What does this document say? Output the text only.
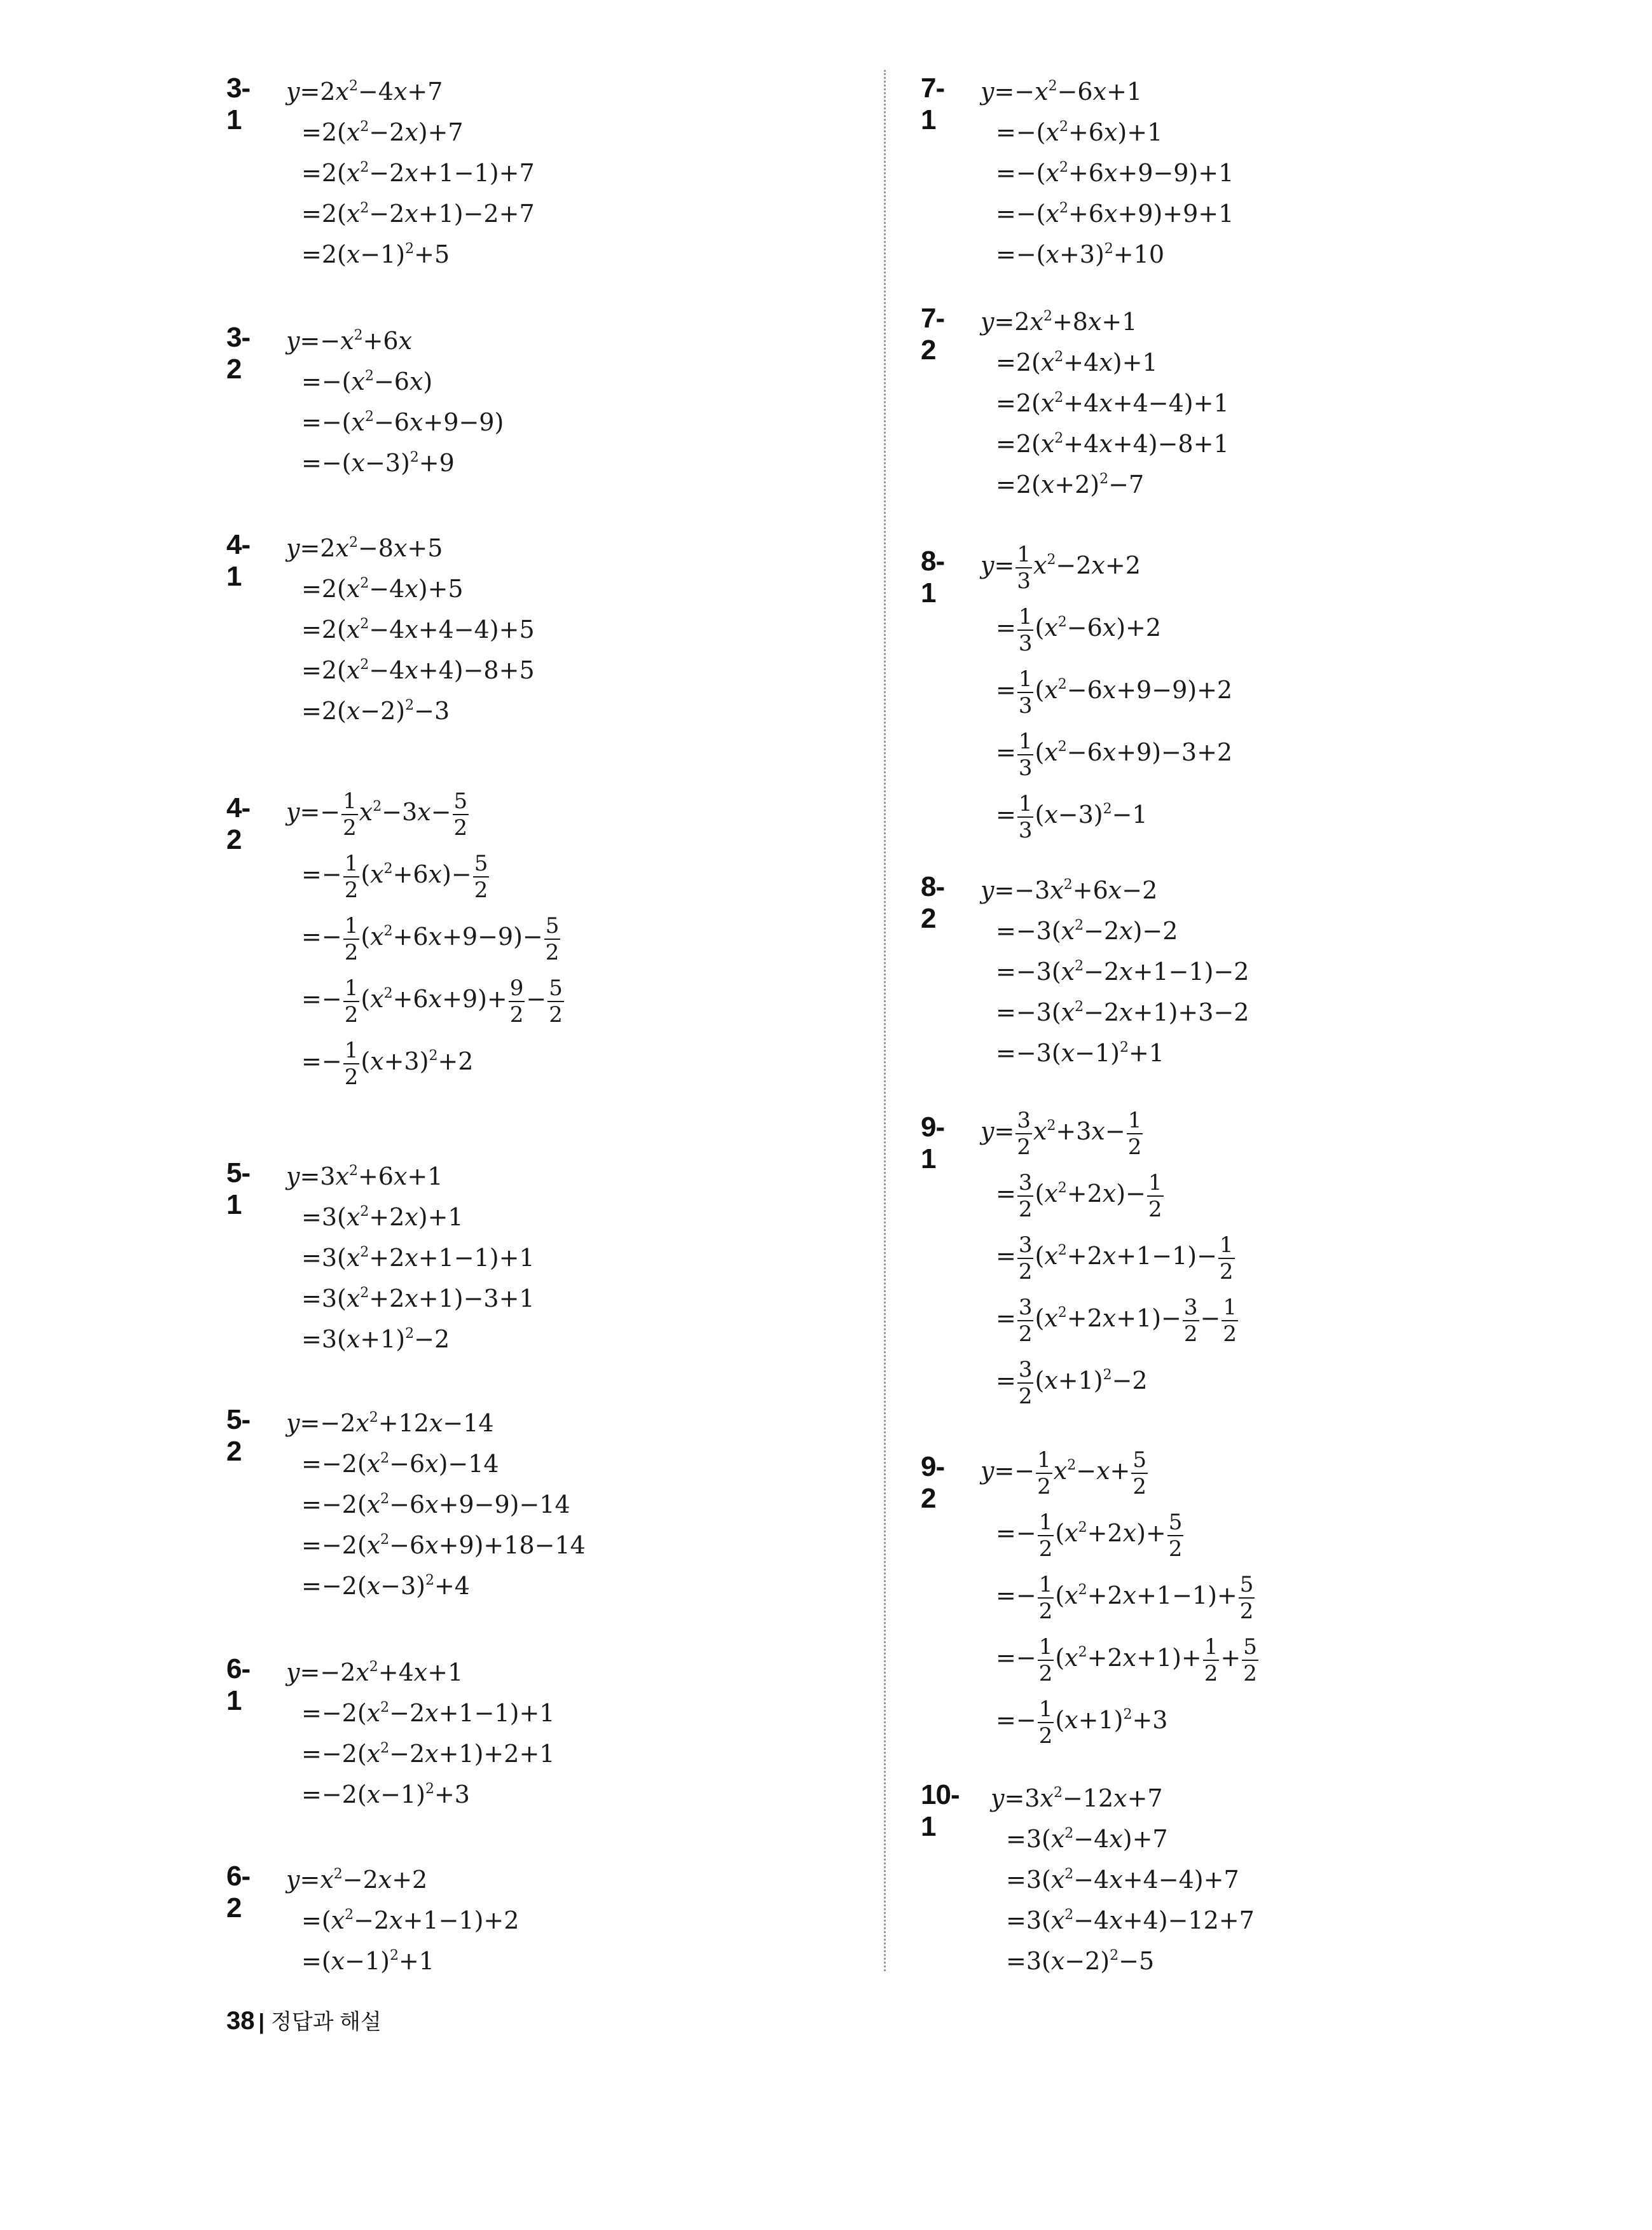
3-1
$y=2x^2-4x+7$
$=2(x^2-2x)+7$
$=2(x^2-2x+1-1)+7$
$=2(x^2-2x+1)-2+7$
$=2(x-1)^2+5$
3-2
$y=-x^2+6x$
$=-(x^2-6x)$
$=-(x^2-6x+9-9)$
$=-(x-3)^2+9$
4-1
$y=2x^2-8x+5$
$=2(x^2-4x)+5$
$=2(x^2-4x+4-4)+5$
$=2(x^2-4x+4)-8+5$
$=2(x-2)^2-3$
4-2
$y=- \frac{1}{2} x^2-3x- \frac{5}{2}$
=− $\frac{1}{2} (x^2+6x)- \frac{5}{2}$
=− $\frac{1}{2} (x^2+6x+9-9)- \frac{5}{2}$
=− $\frac{1}{2} (x^2+6x+9)+ \frac{9}{2} - \frac{5}{2}$
=− $\frac{1}{2} (x+3)^2+2$
5-1
$y=3x^2+6x+1$
$=3(x^2+2x)+1$
$=3(x^2+2x+1-1)+1$
$=3(x^2+2x+1)-3+1$
$=3(x+1)^2-2$
5-2
$y=-2x^2+12x-14$
$=-2(x^2-6x)-14$
$=-2(x^2-6x+9-9)-14$
$=-2(x^2-6x+9)+18-14$
$=-2(x-3)^2+4$
6-1
$y=-2x^2+4x+1$
$=-2(x^2-2x+1-1)+1$
$=-2(x^2-2x+1)+2+1$
$=-2(x-1)^2+3$
6-2
$y=x^2-2x+2$
$=(x^2-2x+1-1)+2$
$=(x-1)^2+1$
7-1
$y=-x^2-6x+1$
$=-(x^2+6x)+1$
$=-(x^2+6x+9-9)+1$
$=-(x^2+6x+9)+9+1$
$=-(x+3)^2+10$
7-2
$y=2x^2+8x+1$
$=2(x^2+4x)+1$
$=2(x^2+4x+4-4)+1$
$=2(x^2+4x+4)-8+1$
$=2(x+2)^2-7$
8-1
$y= \frac{1}{3} x^2-2x+2$
= $\frac{1}{3} (x^2-6x)+2$
= $\frac{1}{3} (x^2-6x+9-9)+2$
= $\frac{1}{3} (x^2-6x+9)-3+2$
= $\frac{1}{3} (x-3)^2-1$
8-2
$y=-3x^2+6x-2$
$=-3(x^2-2x)-2$
$=-3(x^2-2x+1-1)-2$
$=-3(x^2-2x+1)+3-2$
$=-3(x-1)^2+1$
9-1
$y= \frac{3}{2} x^2+3x- \frac{1}{2}$
= $\frac{3}{2} (x^2+2x)- \frac{1}{2}$
= $\frac{3}{2} (x^2+2x+1-1)- \frac{1}{2}$
= $\frac{3}{2} (x^2+2x+1)- \frac{3}{2} - \frac{1}{2}$
= $\frac{3}{2} (x+1)^2-2$
9-2
$y=- \frac{1}{2} x^2-x+ \frac{5}{2}$
=− $\frac{1}{2} (x^2+2x)+ \frac{5}{2}$
=− $\frac{1}{2} (x^2+2x+1-1)+ \frac{5}{2}$
=− $\frac{1}{2} (x^2+2x+1)+ \frac{1}{2} + \frac{5}{2}$
=− $\frac{1}{2} (x+1)^2+3$
10-1
$y=3x^2-12x+7$
$=3(x^2-4x)+7$
$=3(x^2-4x+4-4)+7$
$=3(x^2-4x+4)-12+7$
$=3(x-2)^2-5$
38 | 정답과 해설
